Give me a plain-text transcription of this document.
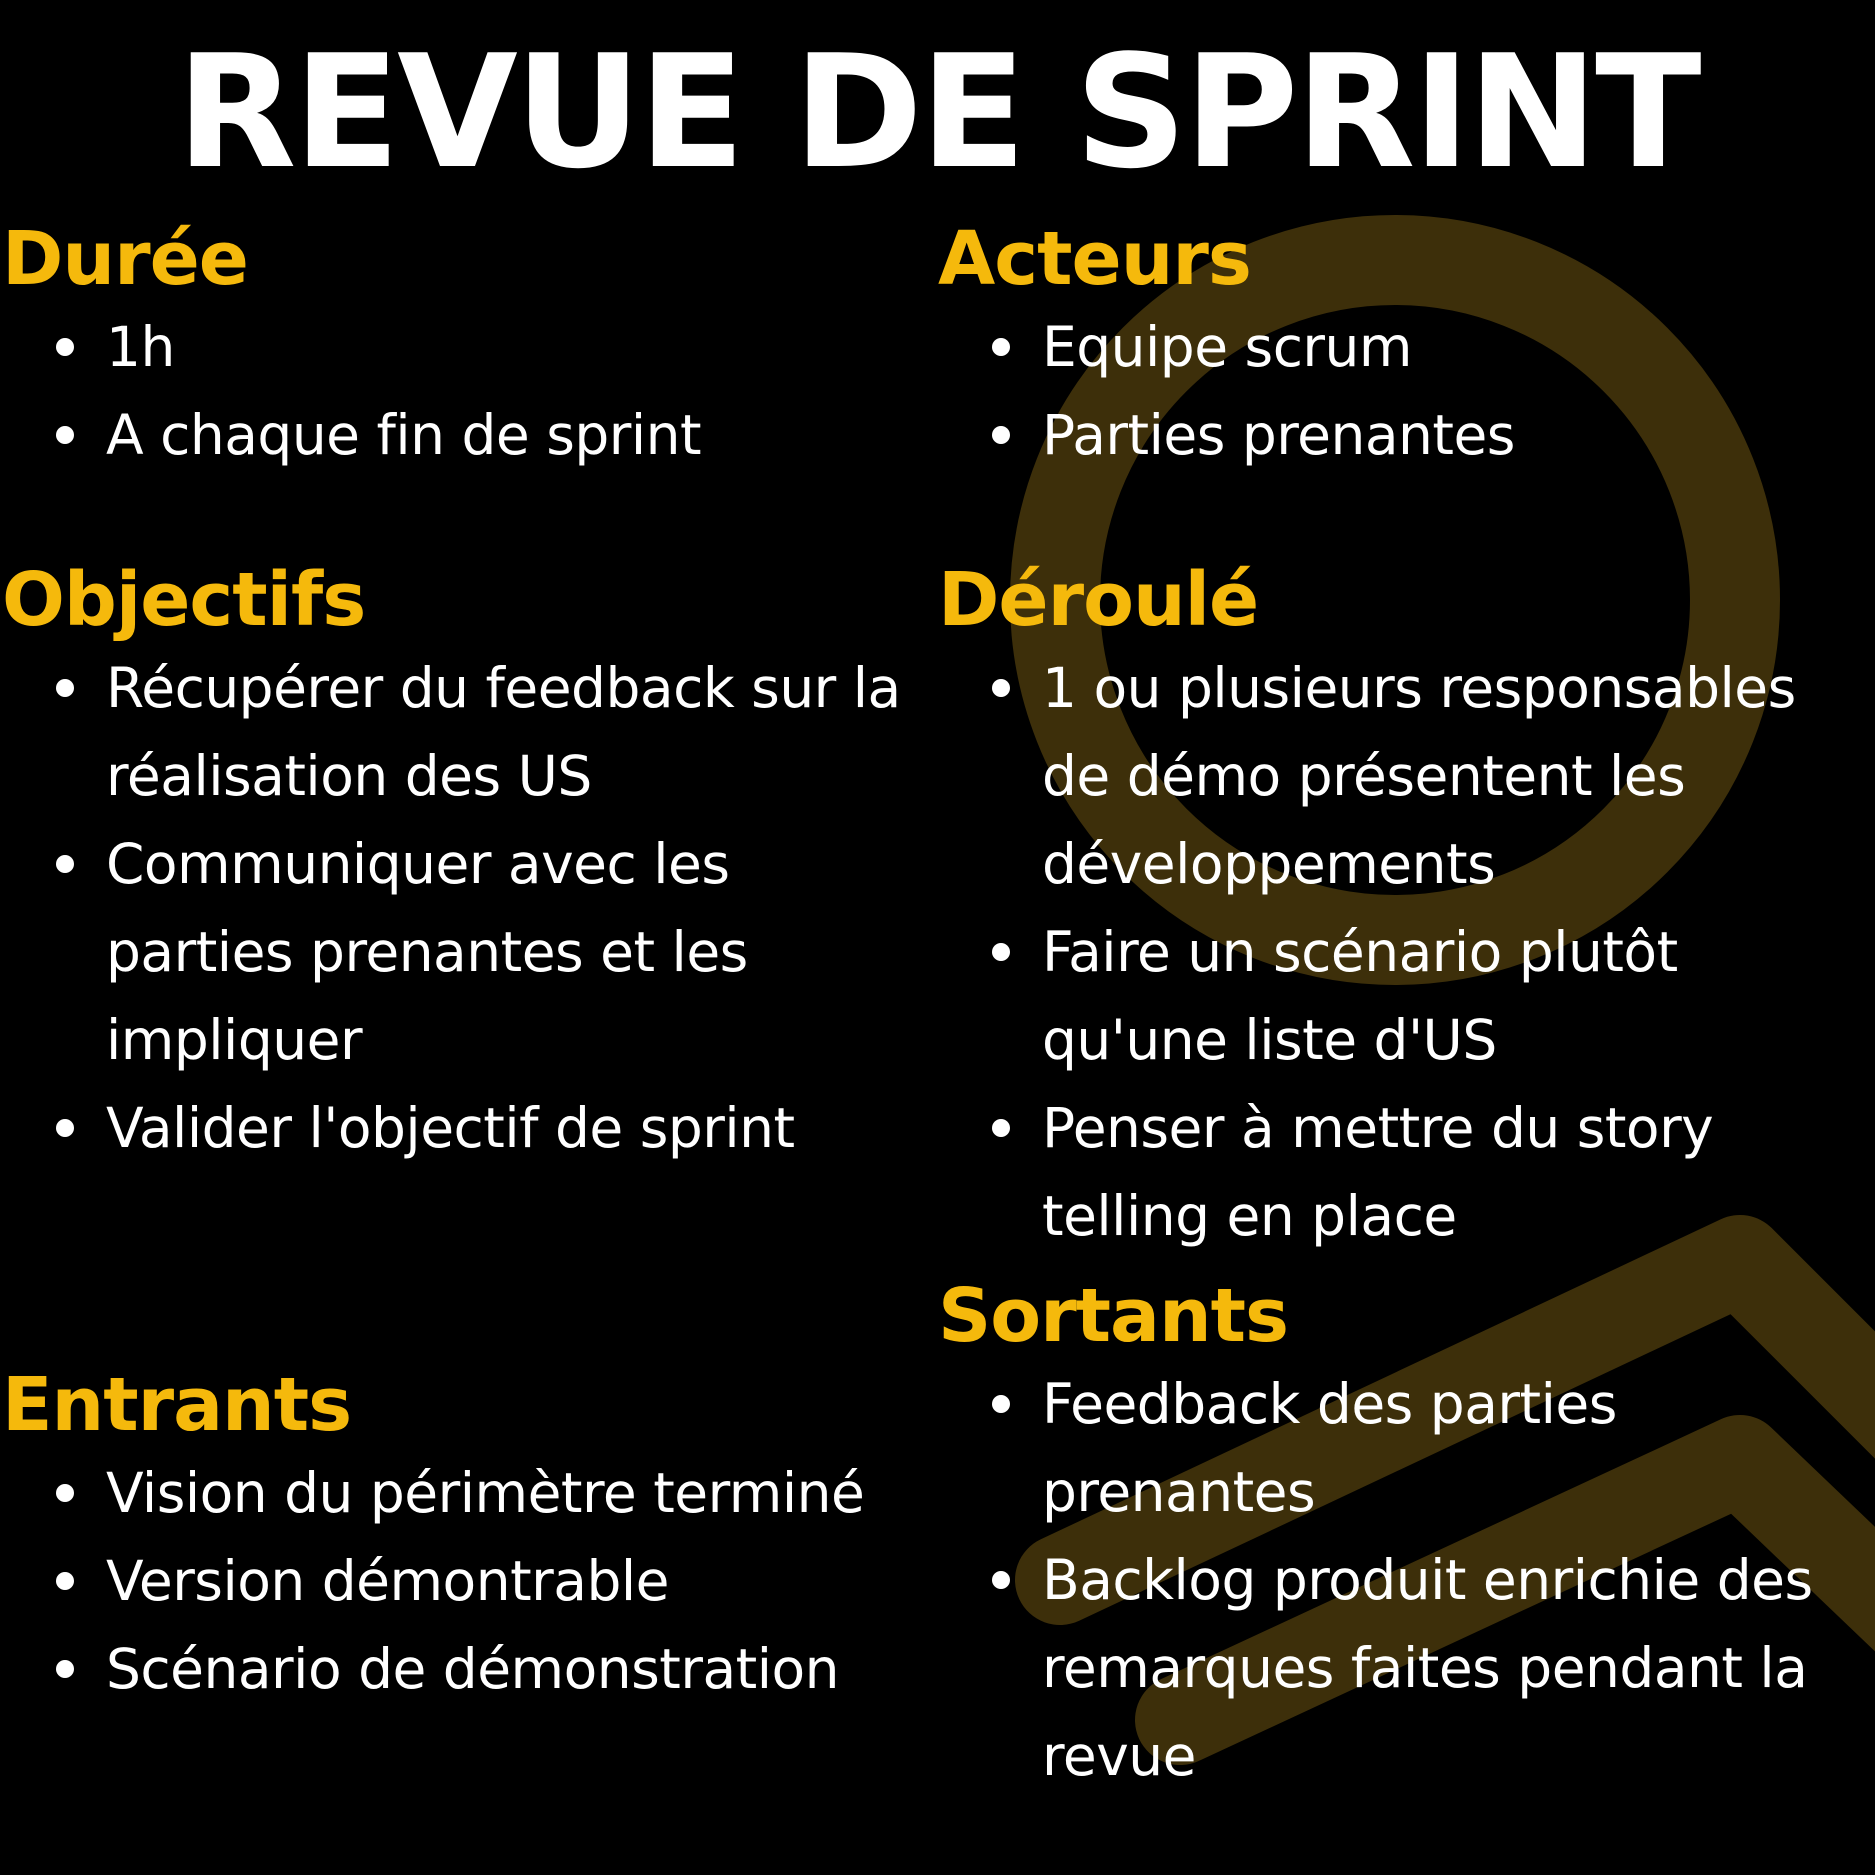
REVUE DE SPRINT
Durée
1h
A chaque fin de sprint
Acteurs
Equipe scrum
Parties prenantes
Objectifs
Récupérer du feedback sur la réalisation des US
Communiquer avec les parties prenantes et les impliquer
Valider l'objectif de sprint
Déroulé
1 ou plusieurs responsables de démo présentent les développements
Faire un scénario plutôt qu'une liste d'US
Penser à mettre du story telling en place
Entrants
Vision du périmètre terminé
Version démontrable
Scénario de démonstration
Sortants
Feedback des parties prenantes
Backlog produit enrichie des remarques faites pendant la revue
